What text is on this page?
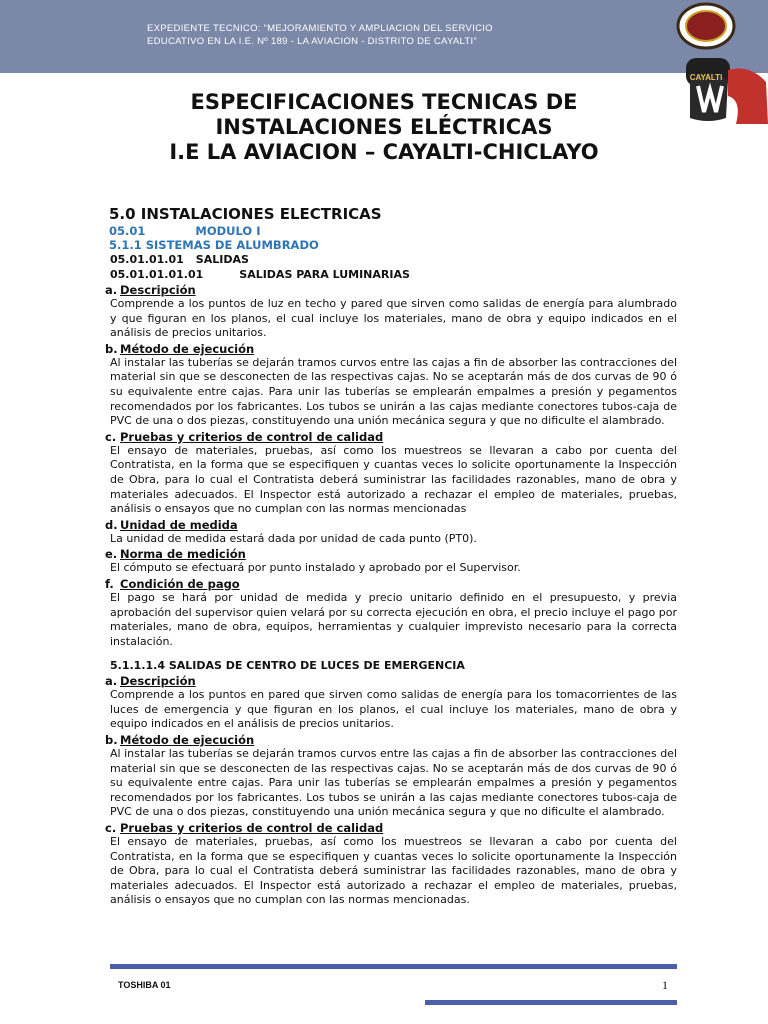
EXPEDIENTE TECNICO: “MEJORAMIENTO Y AMPLIACION DEL SERVICIO
EDUCATIVO EN LA I.E. Nº 189 - LA AVIACION - DISTRITO DE CAYALTI”
CAYALTI
ESPECIFICACIONES TECNICAS DE
INSTALACIONES ELÉCTRICAS
I.E LA AVIACION – CAYALTI-CHICLAYO
5.0 INSTALACIONES ELECTRICAS
05.01	MODULO I
5.1.1 SISTEMAS DE ALUMBRADO
05.01.01.01 SALIDAS
05.01.01.01.01	SALIDAS PARA LUMINARIAS
a. Descripción
Comprende a los puntos de luz en techo y pared que sirven como salidas de energía para alumbrado y que figuran en los planos, el cual incluye los materiales, mano de obra y equipo indicados en el análisis de precios unitarios.
b. Método de ejecución
Al instalar las tuberías se dejarán tramos curvos entre las cajas a fin de absorber las contracciones del material sin que se desconecten de las respectivas cajas. No se aceptarán más de dos curvas de 90 ó su equivalente entre cajas. Para unir las tuberías se emplearán empalmes a presión y pegamentos recomendados por los fabricantes. Los tubos se unirán a las cajas mediante conectores tubos-caja de PVC de una o dos piezas, constituyendo una unión mecánica segura y que no dificulte el alambrado.
c. Pruebas y criterios de control de calidad
El ensayo de materiales, pruebas, así como los muestreos se llevaran a cabo por cuenta del Contratista, en la forma que se especifiquen y cuantas veces lo solicite oportunamente la Inspección de Obra, para lo cual el Contratista deberá suministrar las facilidades razonables, mano de obra y materiales adecuados. El Inspector está autorizado a rechazar el empleo de materiales, pruebas, análisis o ensayos que no cumplan con las normas mencionadas
d. Unidad de medida
La unidad de medida estará dada por unidad de cada punto (PT0).
e. Norma de medición
El cómputo se efectuará por punto instalado y aprobado por el Supervisor.
f. Condición de pago
El pago se hará por unidad de medida y precio unitario definido en el presupuesto, y previa aprobación del supervisor quien velará por su correcta ejecución en obra, el precio incluye el pago por materiales, mano de obra, equipos, herramientas y cualquier imprevisto necesario para la correcta instalación.
5.1.1.1.4 SALIDAS DE CENTRO DE LUCES DE EMERGENCIA
a. Descripción
Comprende a los puntos en pared que sirven como salidas de energía para los tomacorrientes de las luces de emergencia y que figuran en los planos, el cual incluye los materiales, mano de obra y equipo indicados en el análisis de precios unitarios.
b. Método de ejecución
Al instalar las tuberías se dejarán tramos curvos entre las cajas a fin de absorber las contracciones del material sin que se desconecten de las respectivas cajas. No se aceptarán más de dos curvas de 90 ó su equivalente entre cajas. Para unir las tuberías se emplearán empalmes a presión y pegamentos recomendados por los fabricantes. Los tubos se unirán a las cajas mediante conectores tubos-caja de PVC de una o dos piezas, constituyendo una unión mecánica segura y que no dificulte el alambrado.
c. Pruebas y criterios de control de calidad
El ensayo de materiales, pruebas, así como los muestreos se llevaran a cabo por cuenta del Contratista, en la forma que se especifiquen y cuantas veces lo solicite oportunamente la Inspección de Obra, para lo cual el Contratista deberá suministrar las facilidades razonables, mano de obra y materiales adecuados. El Inspector está autorizado a rechazar el empleo de materiales, pruebas, análisis o ensayos que no cumplan con las normas mencionadas.
TOSHIBA 01	1
